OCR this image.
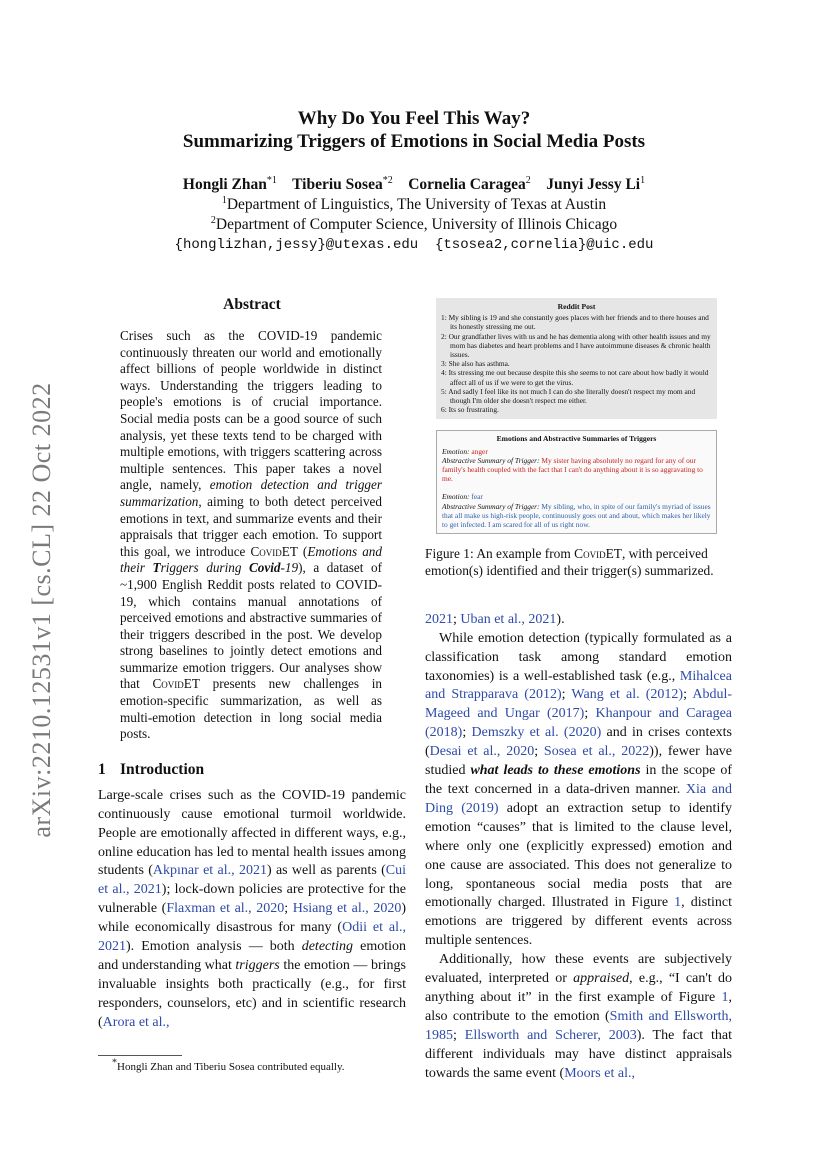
arXiv:2210.12531v1 [cs.CL] 22 Oct 2022
Why Do You Feel This Way?
Summarizing Triggers of Emotions in Social Media Posts
Hongli Zhan$^{*1}$ Tiberiu Sosea$^{*2}$ Cornelia Caragea$^2$ Junyi Jessy Li$^1$
$^1$Department of Linguistics, The University of Texas at Austin
$^2$Department of Computer Science, University of Illinois Chicago
{honglizhan,jessy}@utexas.edu {tsosea2,cornelia}@uic.edu
Abstract

Crises such as the COVID-19 pandemic continuously threaten our world and emotionally affect billions of people worldwide in distinct ways. Understanding the triggers leading to people's emotions is of crucial importance. Social media posts can be a good source of such analysis, yet these texts tend to be charged with multiple emotions, with triggers scattering across multiple sentences. This paper takes a novel angle, namely, emotion detection and trigger summarization, aiming to both detect perceived emotions in text, and summarize events and their appraisals that trigger each emotion. To support this goal, we introduce CovidET (Emotions and their Triggers during Covid-19), a dataset of ~1,900 English Reddit posts related to COVID-19, which contains manual annotations of perceived emotions and abstractive summaries of their triggers described in the post. We develop strong baselines to jointly detect emotions and summarize emotion triggers. Our analyses show that CovidET presents new challenges in emotion-specific summarization, as well as multi-emotion detection in long social media posts.

1 Introduction

Large-scale crises such as the COVID-19 pandemic continuously cause emotional turmoil worldwide. People are emotionally affected in different ways, e.g., online education has led to mental health issues among students (Akpınar et al., 2021) as well as parents (Cui et al., 2021); lock-down policies are protective for the vulnerable (Flaxman et al., 2020; Hsiang et al., 2020) while economically disastrous for many (Odii et al., 2021). Emotion analysis — both detecting emotion and understanding what triggers the emotion — brings invaluable insights both practically (e.g., for first responders, counselors, etc) and in scientific research (Arora et al.,

*Hongli Zhan and Tiberiu Sosea contributed equally.
Reddit Post
1: My sibling is 19 and she constantly goes places with her friends and to there houses and its honestly stressing me out.
2: Our grandfather lives with us and he has dementia along with other health issues and my mom has diabetes and heart problems and I have autoimmune diseases & chronic health issues.
3: She also has asthma.
4: Its stressing me out because despite this she seems to not care about how badly it would affect all of us if we were to get the virus.
5: And sadly I feel like its not much I can do she literally doesn't respect my mom and though I'm older she doesn't respect me either.
6: Its so frustrating.
Emotions and Abstractive Summaries of Triggers
Emotion: anger
Abstractive Summary of Trigger: My sister having absolutely no regard for any of our family's health coupled with the fact that I can't do anything about it is so aggravating to me.
Emotion: fear
Abstractive Summary of Trigger: My sibling, who, in spite of our family's myriad of issues that all make us high-risk people, continuously goes out and about, which makes her likely to get infected. I am scared for all of us right now.

Figure 1: An example from CovidET, with perceived emotion(s) identified and their trigger(s) summarized.

2021; Uban et al., 2021).

While emotion detection (typically formulated as a classification task among standard emotion taxonomies) is a well-established task (e.g., Mihalcea and Strapparava (2012); Wang et al. (2012); Abdul-Mageed and Ungar (2017); Khanpour and Caragea (2018); Demszky et al. (2020) and in crises contexts (Desai et al., 2020; Sosea et al., 2022)), fewer have studied what leads to these emotions in the scope of the text concerned in a data-driven manner. Xia and Ding (2019) adopt an extraction setup to identify emotion “causes” that is limited to the clause level, where only one (explicitly expressed) emotion and one cause are associated. This does not generalize to long, spontaneous social media posts that are emotionally charged. Illustrated in Figure 1, distinct emotions are triggered by different events across multiple sentences.

Additionally, how these events are subjectively evaluated, interpreted or appraised, e.g., “I can't do anything about it” in the first example of Figure 1, also contribute to the emotion (Smith and Ellsworth, 1985; Ellsworth and Scherer, 2003). The fact that different individuals may have distinct appraisals towards the same event (Moors et al.,
